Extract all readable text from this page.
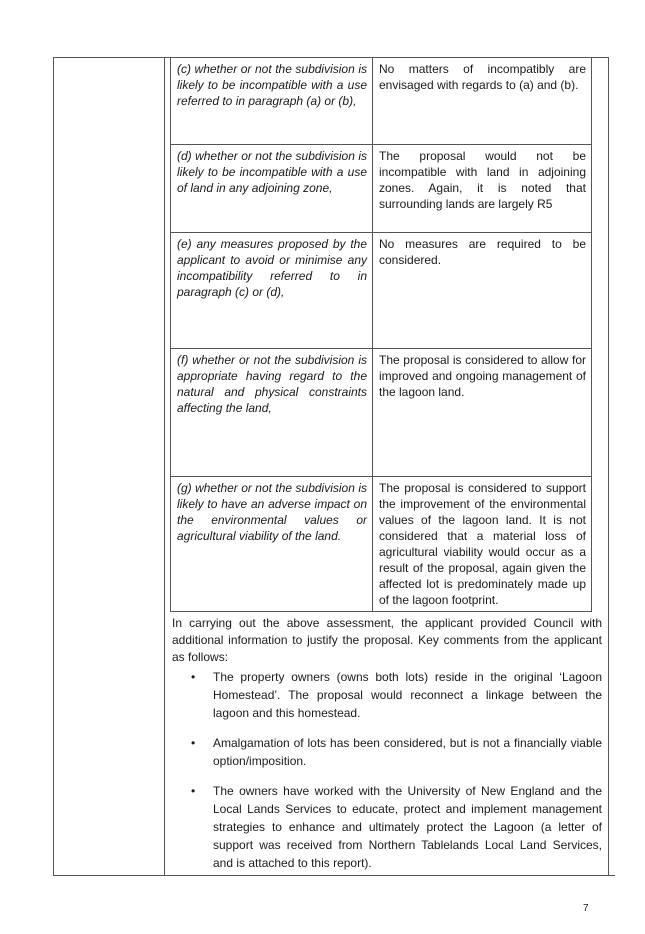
(c) whether or not the subdivision is likely to be incompatible with a use referred to in paragraph (a) or (b),	No matters of incompatibly are envisaged with regards to (a) and (b).
(d) whether or not the subdivision is likely to be incompatible with a use of land in any adjoining zone,	The proposal would not be incompatible with land in adjoining zones. Again, it is noted that surrounding lands are largely R5
(e) any measures proposed by the applicant to avoid or minimise any incompatibility referred to in paragraph (c) or (d),	No measures are required to be considered.
(f) whether or not the subdivision is appropriate having regard to the natural and physical constraints affecting the land,	The proposal is considered to allow for improved and ongoing management of the lagoon land.
(g) whether or not the subdivision is likely to have an adverse impact on the environmental values or agricultural viability of the land.	The proposal is considered to support the improvement of the environmental values of the lagoon land. It is not considered that a material loss of agricultural viability would occur as a result of the proposal, again given the affected lot is predominately made up of the lagoon footprint.

In carrying out the above assessment, the applicant provided Council with additional information to justify the proposal. Key comments from the applicant as follows:

• The property owners (owns both lots) reside in the original ‘Lagoon Homestead’. The proposal would reconnect a linkage between the lagoon and this homestead.
• Amalgamation of lots has been considered, but is not a financially viable option/imposition.
• The owners have worked with the University of New England and the Local Lands Services to educate, protect and implement management strategies to enhance and ultimately protect the Lagoon (a letter of support was received from Northern Tablelands Local Land Services, and is attached to this report).
7
